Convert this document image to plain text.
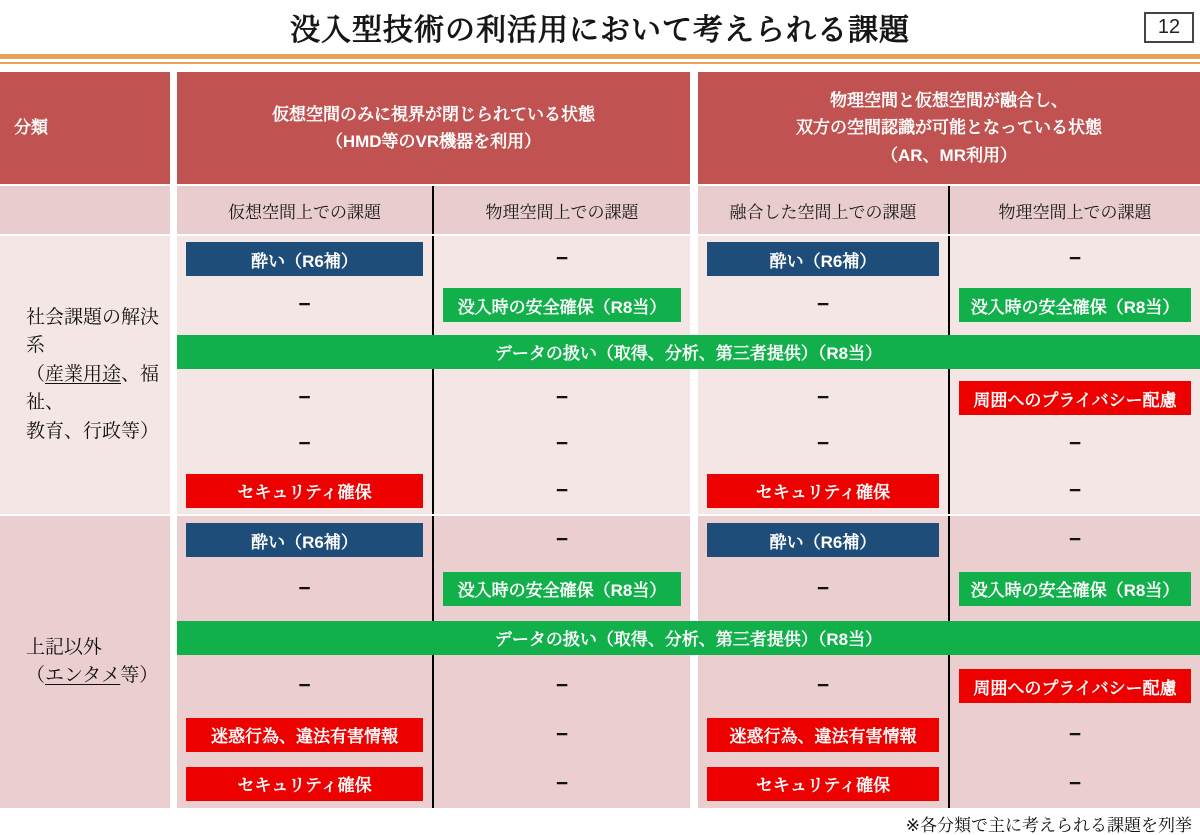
没入型技術の利活用において考えられる課題	12
分類
仮想空間のみに視界が閉じられている状態
（HMD等のVR機器を利用）
物理空間と仮想空間が融合し、
双方の空間認識が可能となっている状態
（AR、MR利用）
仮想空間上での課題	物理空間上での課題	融合した空間上での課題	物理空間上での課題
社会課題の解決系
（産業用途、福祉、
教育、行政等）
酔い（R6補）	−	酔い（R6補）	−
−	没入時の安全確保（R8当）	−	没入時の安全確保（R8当）
データの扱い（取得、分析、第三者提供）（R8当）
−	−	−	周囲へのプライバシー配慮
−	−	−	−
セキュリティ確保	−	セキュリティ確保	−
上記以外
（エンタメ等）
酔い（R6補）	−	酔い（R6補）	−
−	没入時の安全確保（R8当）	−	没入時の安全確保（R8当）
データの扱い（取得、分析、第三者提供）（R8当）
−	−	−	周囲へのプライバシー配慮
迷惑行為、違法有害情報	−	迷惑行為、違法有害情報	−
セキュリティ確保	−	セキュリティ確保	−
※各分類で主に考えられる課題を列挙
